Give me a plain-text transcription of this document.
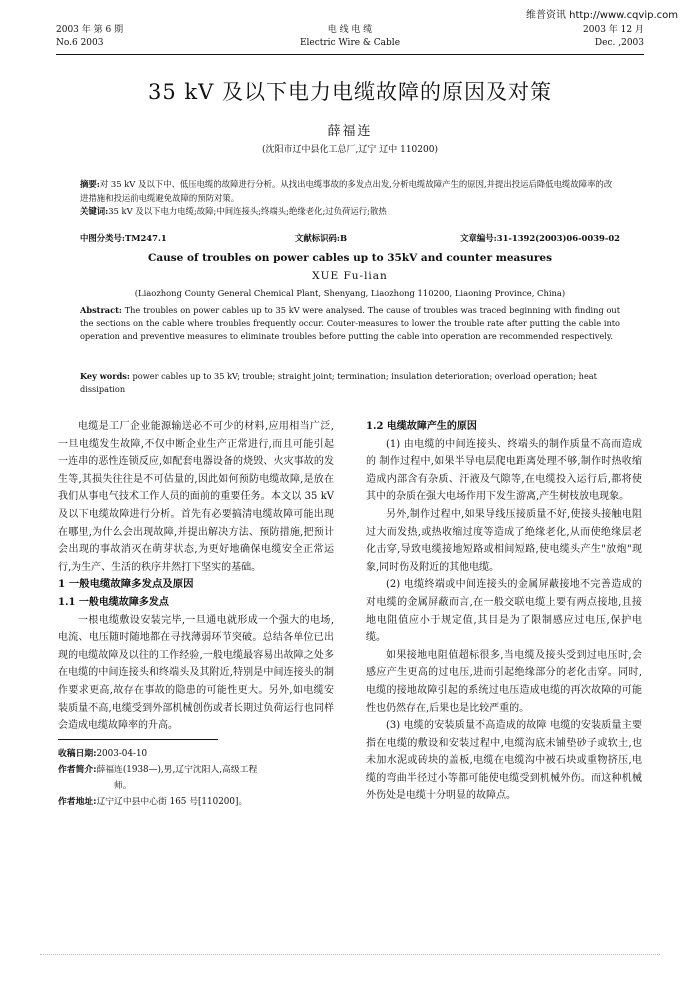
维普资讯 http://www.cqvip.com
2003 年 第 6 期
No.6 2003
电 线 电 缆
Electric Wire & Cable
2003 年 12 月
Dec. ,2003
35 kV 及以下电力电缆故障的原因及对策
薛福连
(沈阳市辽中县化工总厂,辽宁 辽中 110200)

摘要:对 35 kV 及以下中、低压电缆的故障进行分析。从找出电缆事故的多发点出发,分析电缆故障产生的原因,并提出投运后降低电缆故障率的改进措施和投运前电缆避免故障的预防对策。

关键词:35 kV 及以下电力电缆;故障;中间连接头;终端头;绝缘老化;过负荷运行;散热

中图分类号:TM247.1	文献标识码:B	文章编号:31-1392(2003)06-0039-02
Cause of troubles on power cables up to 35kV and counter measures
XUE Fu-lian
(Liaozhong County General Chemical Plant, Shenyang, Liaozhong 110200, Liaoning Province, China)
Abstract: The troubles on power cables up to 35 kV were analysed. The cause of troubles was traced beginning with finding out the sections on the cable where troubles frequently occur. Couter-measures to lower the trouble rate after putting the cable into operation and preventive measures to eliminate troubles before putting the cable into operation are recommended respectively.
Key words: power cables up to 35 kV; trouble; straight joint; termination; insulation deterioration; overload operation; heat dissipation

电缆是工厂企业能源输送必不可少的材料,应用相当广泛,一旦电缆发生故障,不仅中断企业生产正常进行,而且可能引起一连串的恶性连锁反应,如配套电器设备的烧毁、火灾事故的发生等,其损失往往是不可估量的,因此如何预防电缆故障,是放在我们从事电气技术工作人员的面前的重要任务。本文以 35 kV 及以下电缆故障进行分析。首先有必要搞清电缆故障可能出现在哪里,为什么会出现故障,并提出解决方法、预防措施,把预计会出现的事故消灭在萌芽状态,为更好地确保电缆安全正常运行,为生产、生活的秩序井然打下坚实的基础。

1 一般电缆故障多发点及原因

1.1 一般电缆故障多发点

一根电缆敷设安装完毕,一旦通电就形成一个强大的电场,电流、电压随时随地都在寻找薄弱环节突破。总结各单位已出现的电缆故障及以往的工作经验,一般电缆最容易出故障之处多在电缆的中间连接头和终端头及其附近,特别是中间连接头的制作要求更高,故存在事故的隐患的可能性更大。另外,如电缆安装质量不高,电缆受到外部机械创伤或者长期过负荷运行也同样会造成电缆故障率的升高。

收稿日期:2003-04-10
作者简介:薛福连(1938—),男,辽宁沈阳人,高级工程
师。
作者地址:辽宁辽中县中心街 165 号[110200]。

1.2 电缆故障产生的原因

(1) 由电缆的中间连接头、终端头的制作质量不高而造成的 制作过程中,如果半导电层爬电距离处理不够,制作时热收缩造成内部含有杂质、汗液及气隙等,在电缆投入运行后,都将使其中的杂质在强大电场作用下发生游离,产生树枝放电现象。

另外,制作过程中,如果导线压接质量不好,使接头接触电阻过大而发热,或热收缩过度等造成了绝缘老化,从而使绝缘层老化击穿,导致电缆接地短路或相间短路,使电缆头产生"放炮"现象,同时伤及附近的其他电缆。

(2) 电缆终端或中间连接头的金属屏蔽接地不完善造成的 对电缆的金属屏蔽而言,在一般交联电缆上要有两点接地,且接地电阻值应小于规定值,其目是为了限制感应过电压,保护电缆。

如果接地电阻值超标很多,当电缆及接头受到过电压时,会感应产生更高的过电压,进而引起绝缘部分的老化击穿。同时,电缆的接地故障引起的系统过电压造成电缆的再次故障的可能性也仍然存在,后果也是比较严重的。

(3) 电缆的安装质量不高造成的故障 电缆的安装质量主要指在电缆的敷设和安装过程中,电缆沟底未铺垫砂子或软土,也未加水泥或砖块的盖板,电缆在电缆沟中被石块或重物挤压,电缆的弯曲半径过小等都可能使电缆受到机械外伤。而这种机械外伤处是电缆十分明显的故障点。
